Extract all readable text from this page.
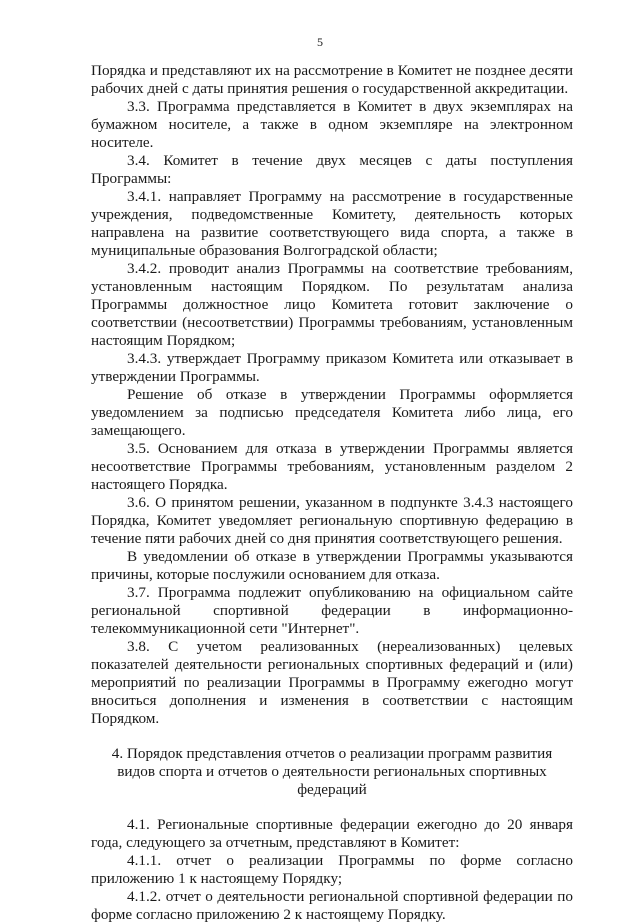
5

Порядка и представляют их на рассмотрение в Комитет не позднее десяти рабочих дней с даты принятия решения о государственной аккредитации.

3.3. Программа представляется в Комитет в двух экземплярах на бумажном носителе, а также в одном экземпляре на электронном носителе.

3.4. Комитет в течение двух месяцев с даты поступления Программы:

3.4.1. направляет Программу на рассмотрение в государственные учреждения, подведомственные Комитету, деятельность которых направлена на развитие соответствующего вида спорта, а также в муниципальные образования Волгоградской области;

3.4.2. проводит анализ Программы на соответствие требованиям, установленным настоящим Порядком. По результатам анализа Программы должностное лицо Комитета готовит заключение о соответствии (несоответствии) Программы требованиям, установленным настоящим Порядком;

3.4.3. утверждает Программу приказом Комитета или отказывает в утверждении Программы.

Решение об отказе в утверждении Программы оформляется уведомлением за подписью председателя Комитета либо лица, его замещающего.

3.5. Основанием для отказа в утверждении Программы является несоответствие Программы требованиям, установленным разделом 2 настоящего Порядка.

3.6. О принятом решении, указанном в подпункте 3.4.3 настоящего Порядка, Комитет уведомляет региональную спортивную федерацию в течение пяти рабочих дней со дня принятия соответствующего решения.

В уведомлении об отказе в утверждении Программы указываются причины, которые послужили основанием для отказа.

3.7. Программа подлежит опубликованию на официальном сайте региональной спортивной федерации в информационно-телекоммуникационной сети "Интернет".

3.8. С учетом реализованных (нереализованных) целевых показателей деятельности региональных спортивных федераций и (или) мероприятий по реализации Программы в Программу ежегодно могут вноситься дополнения и изменения в соответствии с настоящим Порядком.

4. Порядок представления отчетов о реализации программ развития видов спорта и отчетов о деятельности региональных спортивных федераций

4.1. Региональные спортивные федерации ежегодно до 20 января года, следующего за отчетным, представляют в Комитет:

4.1.1. отчет о реализации Программы по форме согласно приложению 1 к настоящему Порядку;

4.1.2. отчет о деятельности региональной спортивной федерации по форме согласно приложению 2 к настоящему Порядку.
